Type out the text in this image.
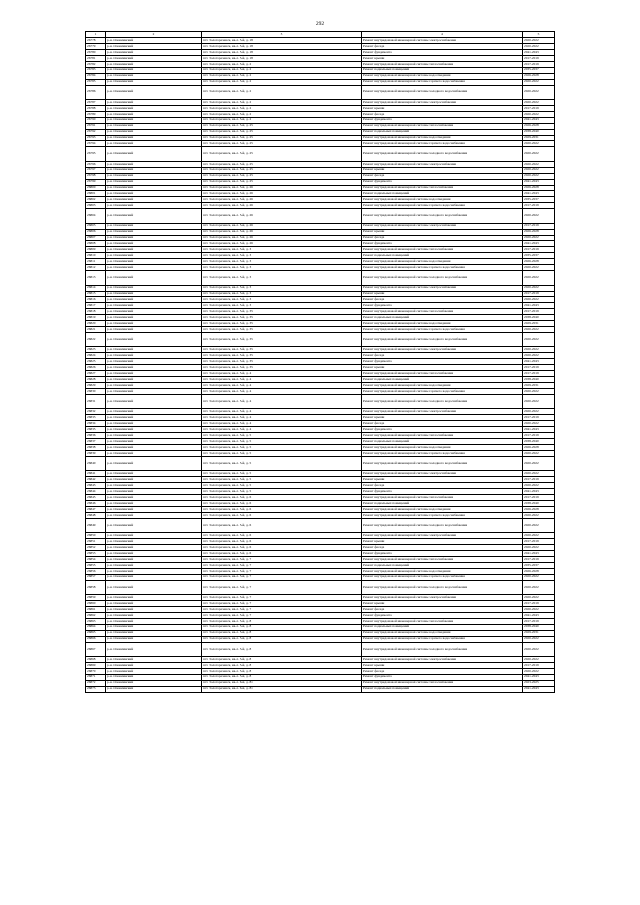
292
1	2	3	4	5
26778	р-н. Олекминский	пгт. Золотореченск, кв-л. 5-й, д. 18	Ремонт внутридомовой инженерной системы электроснабжения	2020-2022
26779	р-н. Олекминский	пгт. Золотореченск, кв-л. 5-й, д. 18	Ремонт фасада	2020-2022
26780	р-н. Олекминский	пгт. Золотореченск, кв-л. 5-й, д. 18	Ремонт фундамента	2041-2043
26781	р-н. Олекминский	пгт. Золотореченск, кв-л. 5-й, д. 18	Ремонт крыши	2017-2019
26782	р-н. Олекминский	пгт. Золотореченск, кв-л. 5-й, д. 2	Ремонт внутридомовой инженерной системы теплоснабжения	2017-2019
26783	р-н. Олекминский	пгт. Золотореченск, кв-л. 5-й, д. 2	Ремонт подвальных помещений	2035-2037
26784	р-н. Олекминский	пгт. Золотореченск, кв-л. 5-й, д. 2	Ремонт внутридомовой инженерной системы водоотведения	2026-2028
26785	р-н. Олекминский	пгт. Золотореченск, кв-л. 5-й, д. 2	Ремонт внутридомовой инженерной системы горячего водоснабжения	2020-2022
26786	р-н. Олекминский	пгт. Золотореченск, кв-л. 5-й, д. 2	Ремонт внутридомовой инженерной системы холодного водоснабжения	2020-2022
26787	р-н. Олекминский	пгт. Золотореченск, кв-л. 5-й, д. 2	Ремонт внутридомовой инженерной системы электроснабжения	2020-2022
26788	р-н. Олекминский	пгт. Золотореченск, кв-л. 5-й, д. 2	Ремонт крыши	2017-2019
26789	р-н. Олекминский	пгт. Золотореченск, кв-л. 5-й, д. 2	Ремонт фасада	2020-2022
26790	р-н. Олекминский	пгт. Золотореченск, кв-л. 5-й, д. 2	Ремонт фундамента	2041-2043
26791	р-н. Олекминский	пгт. Золотореченск, кв-л. 5-й, д. 25	Ремонт внутридомовой инженерной системы теплоснабжения	2026-2028
26792	р-н. Олекминский	пгт. Золотореченск, кв-л. 5-й, д. 25	Ремонт подвальных помещений	2038-2040
26793	р-н. Олекминский	пгт. Золотореченск, кв-л. 5-й, д. 25	Ремонт внутридомовой инженерной системы водоотведения	2029-2031
26794	р-н. Олекминский	пгт. Золотореченск, кв-л. 5-й, д. 25	Ремонт внутридомовой инженерной системы горячего водоснабжения	2020-2022
26795	р-н. Олекминский	пгт. Золотореченск, кв-л. 5-й, д. 25	Ремонт внутридомовой инженерной системы холодного водоснабжения	2020-2022
26796	р-н. Олекминский	пгт. Золотореченск, кв-л. 5-й, д. 25	Ремонт внутридомовой инженерной системы электроснабжения	2020-2022
26797	р-н. Олекминский	пгт. Золотореченск, кв-л. 5-й, д. 25	Ремонт крыши	2020-2022
26798	р-н. Олекминский	пгт. Золотореченск, кв-л. 5-й, д. 25	Ремонт фасада	2020-2022
26799	р-н. Олекминский	пгт. Золотореченск, кв-л. 5-й, д. 25	Ремонт фундамента	2041-2043
26800	р-н. Олекминский	пгт. Золотореченск, кв-л. 5-й, д. 26	Ремонт внутридомовой инженерной системы теплоснабжения	2026-2028
26801	р-н. Олекминский	пгт. Золотореченск, кв-л. 5-й, д. 26	Ремонт подвальных помещений	2041-2043
26802	р-н. Олекминский	пгт. Золотореченск, кв-л. 5-й, д. 26	Ремонт внутридомовой инженерной системы водоотведения	2035-2037
26803	р-н. Олекминский	пгт. Золотореченск, кв-л. 5-й, д. 26	Ремонт внутридомовой инженерной системы горячего водоснабжения	2017-2019
26804	р-н. Олекминский	пгт. Золотореченск, кв-л. 5-й, д. 26	Ремонт внутридомовой инженерной системы холодного водоснабжения	2020-2022
26805	р-н. Олекминский	пгт. Золотореченск, кв-л. 5-й, д. 26	Ремонт внутридомовой инженерной системы электроснабжения	2017-2019
26806	р-н. Олекминский	пгт. Золотореченск, кв-л. 5-й, д. 26	Ремонт крыши	2026-2028
26807	р-н. Олекминский	пгт. Золотореченск, кв-л. 5-й, д. 26	Ремонт фасада	2020-2022
26808	р-н. Олекминский	пгт. Золотореченск, кв-л. 5-й, д. 26	Ремонт фундамента	2041-2043
26809	р-н. Олекминский	пгт. Золотореченск, кв-л. 5-й, д. 3	Ремонт внутридомовой инженерной системы теплоснабжения	2017-2019
26810	р-н. Олекминский	пгт. Золотореченск, кв-л. 5-й, д. 3	Ремонт подвальных помещений	2035-2037
26811	р-н. Олекминский	пгт. Золотореченск, кв-л. 5-й, д. 3	Ремонт внутридомовой инженерной системы водоотведения	2026-2028
26812	р-н. Олекминский	пгт. Золотореченск, кв-л. 5-й, д. 3	Ремонт внутридомовой инженерной системы горячего водоснабжения	2020-2022
26813	р-н. Олекминский	пгт. Золотореченск, кв-л. 5-й, д. 3	Ремонт внутридомовой инженерной системы холодного водоснабжения	2020-2022
26814	р-н. Олекминский	пгт. Золотореченск, кв-л. 5-й, д. 3	Ремонт внутридомовой инженерной системы электроснабжения	2020-2022
26815	р-н. Олекминский	пгт. Золотореченск, кв-л. 5-й, д. 3	Ремонт крыши	2017-2019
26816	р-н. Олекминский	пгт. Золотореченск, кв-л. 5-й, д. 3	Ремонт фасада	2020-2022
26817	р-н. Олекминский	пгт. Золотореченск, кв-л. 5-й, д. 3	Ремонт фундамента	2041-2043
26818	р-н. Олекминский	пгт. Золотореченск, кв-л. 5-й, д. 35	Ремонт внутридомовой инженерной системы теплоснабжения	2017-2019
26819	р-н. Олекминский	пгт. Золотореченск, кв-л. 5-й, д. 35	Ремонт подвальных помещений	2038-2040
26820	р-н. Олекминский	пгт. Золотореченск, кв-л. 5-й, д. 35	Ремонт внутридомовой инженерной системы водоотведения	2029-2031
26821	р-н. Олекминский	пгт. Золотореченск, кв-л. 5-й, д. 35	Ремонт внутридомовой инженерной системы горячего водоснабжения	2020-2022
26822	р-н. Олекминский	пгт. Золотореченск, кв-л. 5-й, д. 35	Ремонт внутридомовой инженерной системы холодного водоснабжения	2020-2022
26823	р-н. Олекминский	пгт. Золотореченск, кв-л. 5-й, д. 35	Ремонт внутридомовой инженерной системы электроснабжения	2020-2022
26824	р-н. Олекминский	пгт. Золотореченск, кв-л. 5-й, д. 35	Ремонт фасада	2020-2022
26825	р-н. Олекминский	пгт. Золотореченск, кв-л. 5-й, д. 35	Ремонт фундамента	2041-2043
26826	р-н. Олекминский	пгт. Золотореченск, кв-л. 5-й, д. 35	Ремонт крыши	2017-2019
26827	р-н. Олекминский	пгт. Золотореченск, кв-л. 5-й, д. 4	Ремонт внутридомовой инженерной системы теплоснабжения	2017-2019
26828	р-н. Олекминский	пгт. Золотореченск, кв-л. 5-й, д. 4	Ремонт подвальных помещений	2038-2040
26829	р-н. Олекминский	пгт. Золотореченск, кв-л. 5-й, д. 4	Ремонт внутридомовой инженерной системы водоотведения	2029-2031
26830	р-н. Олекминский	пгт. Золотореченск, кв-л. 5-й, д. 4	Ремонт внутридомовой инженерной системы горячего водоснабжения	2020-2022
26831	р-н. Олекминский	пгт. Золотореченск, кв-л. 5-й, д. 4	Ремонт внутридомовой инженерной системы холодного водоснабжения	2020-2022
26832	р-н. Олекминский	пгт. Золотореченск, кв-л. 5-й, д. 4	Ремонт внутридомовой инженерной системы электроснабжения	2020-2022
26833	р-н. Олекминский	пгт. Золотореченск, кв-л. 5-й, д. 4	Ремонт крыши	2017-2019
26834	р-н. Олекминский	пгт. Золотореченск, кв-л. 5-й, д. 4	Ремонт фасада	2020-2022
26835	р-н. Олекминский	пгт. Золотореченск, кв-л. 5-й, д. 4	Ремонт фундамента	2041-2043
26836	р-н. Олекминский	пгт. Золотореченск, кв-л. 5-й, д. 5	Ремонт внутридомовой инженерной системы теплоснабжения	2017-2019
26837	р-н. Олекминский	пгт. Золотореченск, кв-л. 5-й, д. 5	Ремонт подвальных помещений	2038-2040
26838	р-н. Олекминский	пгт. Золотореченск, кв-л. 5-й, д. 5	Ремонт внутридомовой инженерной системы водоотведения	2026-2028
26839	р-н. Олекминский	пгт. Золотореченск, кв-л. 5-й, д. 5	Ремонт внутридомовой инженерной системы горячего водоснабжения	2020-2022
26840	р-н. Олекминский	пгт. Золотореченск, кв-л. 5-й, д. 5	Ремонт внутридомовой инженерной системы холодного водоснабжения	2020-2022
26841	р-н. Олекминский	пгт. Золотореченск, кв-л. 5-й, д. 5	Ремонт внутридомовой инженерной системы электроснабжения	2020-2022
26842	р-н. Олекминский	пгт. Золотореченск, кв-л. 5-й, д. 5	Ремонт крыши	2017-2019
26843	р-н. Олекминский	пгт. Золотореченск, кв-л. 5-й, д. 5	Ремонт фасада	2020-2022
26844	р-н. Олекминский	пгт. Золотореченск, кв-л. 5-й, д. 5	Ремонт фундамента	2041-2043
26845	р-н. Олекминский	пгт. Золотореченск, кв-л. 5-й, д. 6	Ремонт внутридомовой инженерной системы теплоснабжения	2017-2019
26846	р-н. Олекминский	пгт. Золотореченск, кв-л. 5-й, д. 6	Ремонт подвальных помещений	2038-2040
26847	р-н. Олекминский	пгт. Золотореченск, кв-л. 5-й, д. 6	Ремонт внутридомовой инженерной системы водоотведения	2026-2028
26848	р-н. Олекминский	пгт. Золотореченск, кв-л. 5-й, д. 6	Ремонт внутридомовой инженерной системы горячего водоснабжения	2020-2022
26849	р-н. Олекминский	пгт. Золотореченск, кв-л. 5-й, д. 6	Ремонт внутридомовой инженерной системы холодного водоснабжения	2020-2022
26850	р-н. Олекминский	пгт. Золотореченск, кв-л. 5-й, д. 6	Ремонт внутридомовой инженерной системы электроснабжения	2020-2022
26851	р-н. Олекминский	пгт. Золотореченск, кв-л. 5-й, д. 6	Ремонт крыши	2017-2019
26852	р-н. Олекминский	пгт. Золотореченск, кв-л. 5-й, д. 6	Ремонт фасада	2020-2022
26853	р-н. Олекминский	пгт. Золотореченск, кв-л. 5-й, д. 6	Ремонт фундамента	2041-2043
26854	р-н. Олекминский	пгт. Золотореченск, кв-л. 5-й, д. 7	Ремонт внутридомовой инженерной системы теплоснабжения	2017-2019
26855	р-н. Олекминский	пгт. Золотореченск, кв-л. 5-й, д. 7	Ремонт подвальных помещений	2035-2037
26856	р-н. Олекминский	пгт. Золотореченск, кв-л. 5-й, д. 7	Ремонт внутридомовой инженерной системы водоотведения	2026-2028
26857	р-н. Олекминский	пгт. Золотореченск, кв-л. 5-й, д. 7	Ремонт внутридомовой инженерной системы горячего водоснабжения	2020-2022
26858	р-н. Олекминский	пгт. Золотореченск, кв-л. 5-й, д. 7	Ремонт внутридомовой инженерной системы холодного водоснабжения	2020-2022
26859	р-н. Олекминский	пгт. Золотореченск, кв-л. 5-й, д. 7	Ремонт внутридомовой инженерной системы электроснабжения	2020-2022
26860	р-н. Олекминский	пгт. Золотореченск, кв-л. 5-й, д. 7	Ремонт крыши	2017-2019
26861	р-н. Олекминский	пгт. Золотореченск, кв-л. 5-й, д. 7	Ремонт фасада	2020-2022
26862	р-н. Олекминский	пгт. Золотореченск, кв-л. 5-й, д. 7	Ремонт фундамента	2041-2043
26863	р-н. Олекминский	пгт. Золотореченск, кв-л. 5-й, д. 8	Ремонт внутридомовой инженерной системы теплоснабжения	2017-2019
26864	р-н. Олекминский	пгт. Золотореченск, кв-л. 5-й, д. 8	Ремонт подвальных помещений	2038-2040
26865	р-н. Олекминский	пгт. Золотореченск, кв-л. 5-й, д. 8	Ремонт внутридомовой инженерной системы водоотведения	2029-2031
26866	р-н. Олекминский	пгт. Золотореченск, кв-л. 5-й, д. 8	Ремонт внутридомовой инженерной системы горячего водоснабжения	2020-2022
26867	р-н. Олекминский	пгт. Золотореченск, кв-л. 5-й, д. 8	Ремонт внутридомовой инженерной системы холодного водоснабжения	2020-2022
26868	р-н. Олекминский	пгт. Золотореченск, кв-л. 5-й, д. 8	Ремонт внутридомовой инженерной системы электроснабжения	2020-2022
26869	р-н. Олекминский	пгт. Золотореченск, кв-л. 5-й, д. 8	Ремонт крыши	2017-2019
26870	р-н. Олекминский	пгт. Золотореченск, кв-л. 5-й, д. 8	Ремонт фасада	2020-2022
26871	р-н. Олекминский	пгт. Золотореченск, кв-л. 5-й, д. 8	Ремонт фундамента	2041-2043
26872	р-н. Олекминский	пгт. Золотореченск, кв-л. 6-й, д. 81	Ремонт внутридомовой инженерной системы теплоснабжения	2023-2025
26873	р-н. Олекминский	пгт. Золотореченск, кв-л. 6-й, д. 81	Ремонт подвальных помещений	2041-2043
